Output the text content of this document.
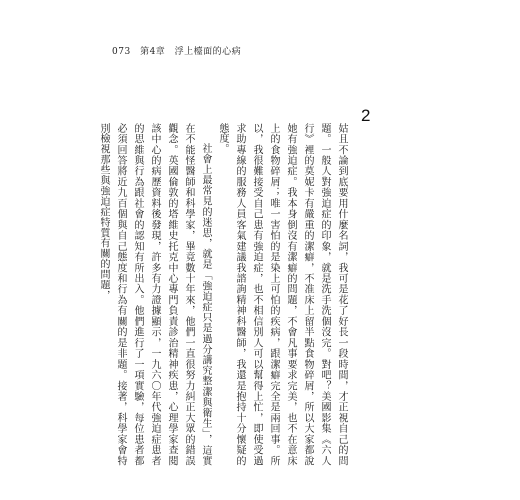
073 第4章 浮上檯面的心病
2

姑且不論到底要用什麼名詞，我可是花了好長一段時間，才正視自己的問題。一般人對強迫症的印象，就是洗手洗個沒完。對吧？美國影集《六人行》裡的莫妮卡有嚴重的潔癖，不准床上留半點食物碎屑，所以大家都說她有強迫症。我本身倒沒有潔癖的問題，不會凡事要求完美，也不在意床上的食物碎屑；唯一害怕的是染上可怕的疾病，跟潔癖完全是兩回事。所以，我很難接受自己患有強迫症，也不相信別人可以幫得上忙，即使受過求助專線的服務人員客氣建議我諮詢精神科醫師，我還是抱持十分懷疑的態度。

社會上最常見的迷思，就是「強迫症只是過分講究整潔與衛生」，這實在不能怪醫師和科學家，畢竟數十年來，他們一直很努力糾正大眾的錯誤觀念。英國倫敦的塔維史托克中心專門負責診治精神疾患，心理學家查閱該中心的病歷資料後發現，許多有力證據顯示，一九六〇年代強迫症患者的思維與行為跟社會的認知有所出入。他們進行了一項實驗，每位患者都必須回答將近九百個與自己態度和行為有關的是非題。接著，科學家會特別檢視那些與強迫症特質有關的問題，
